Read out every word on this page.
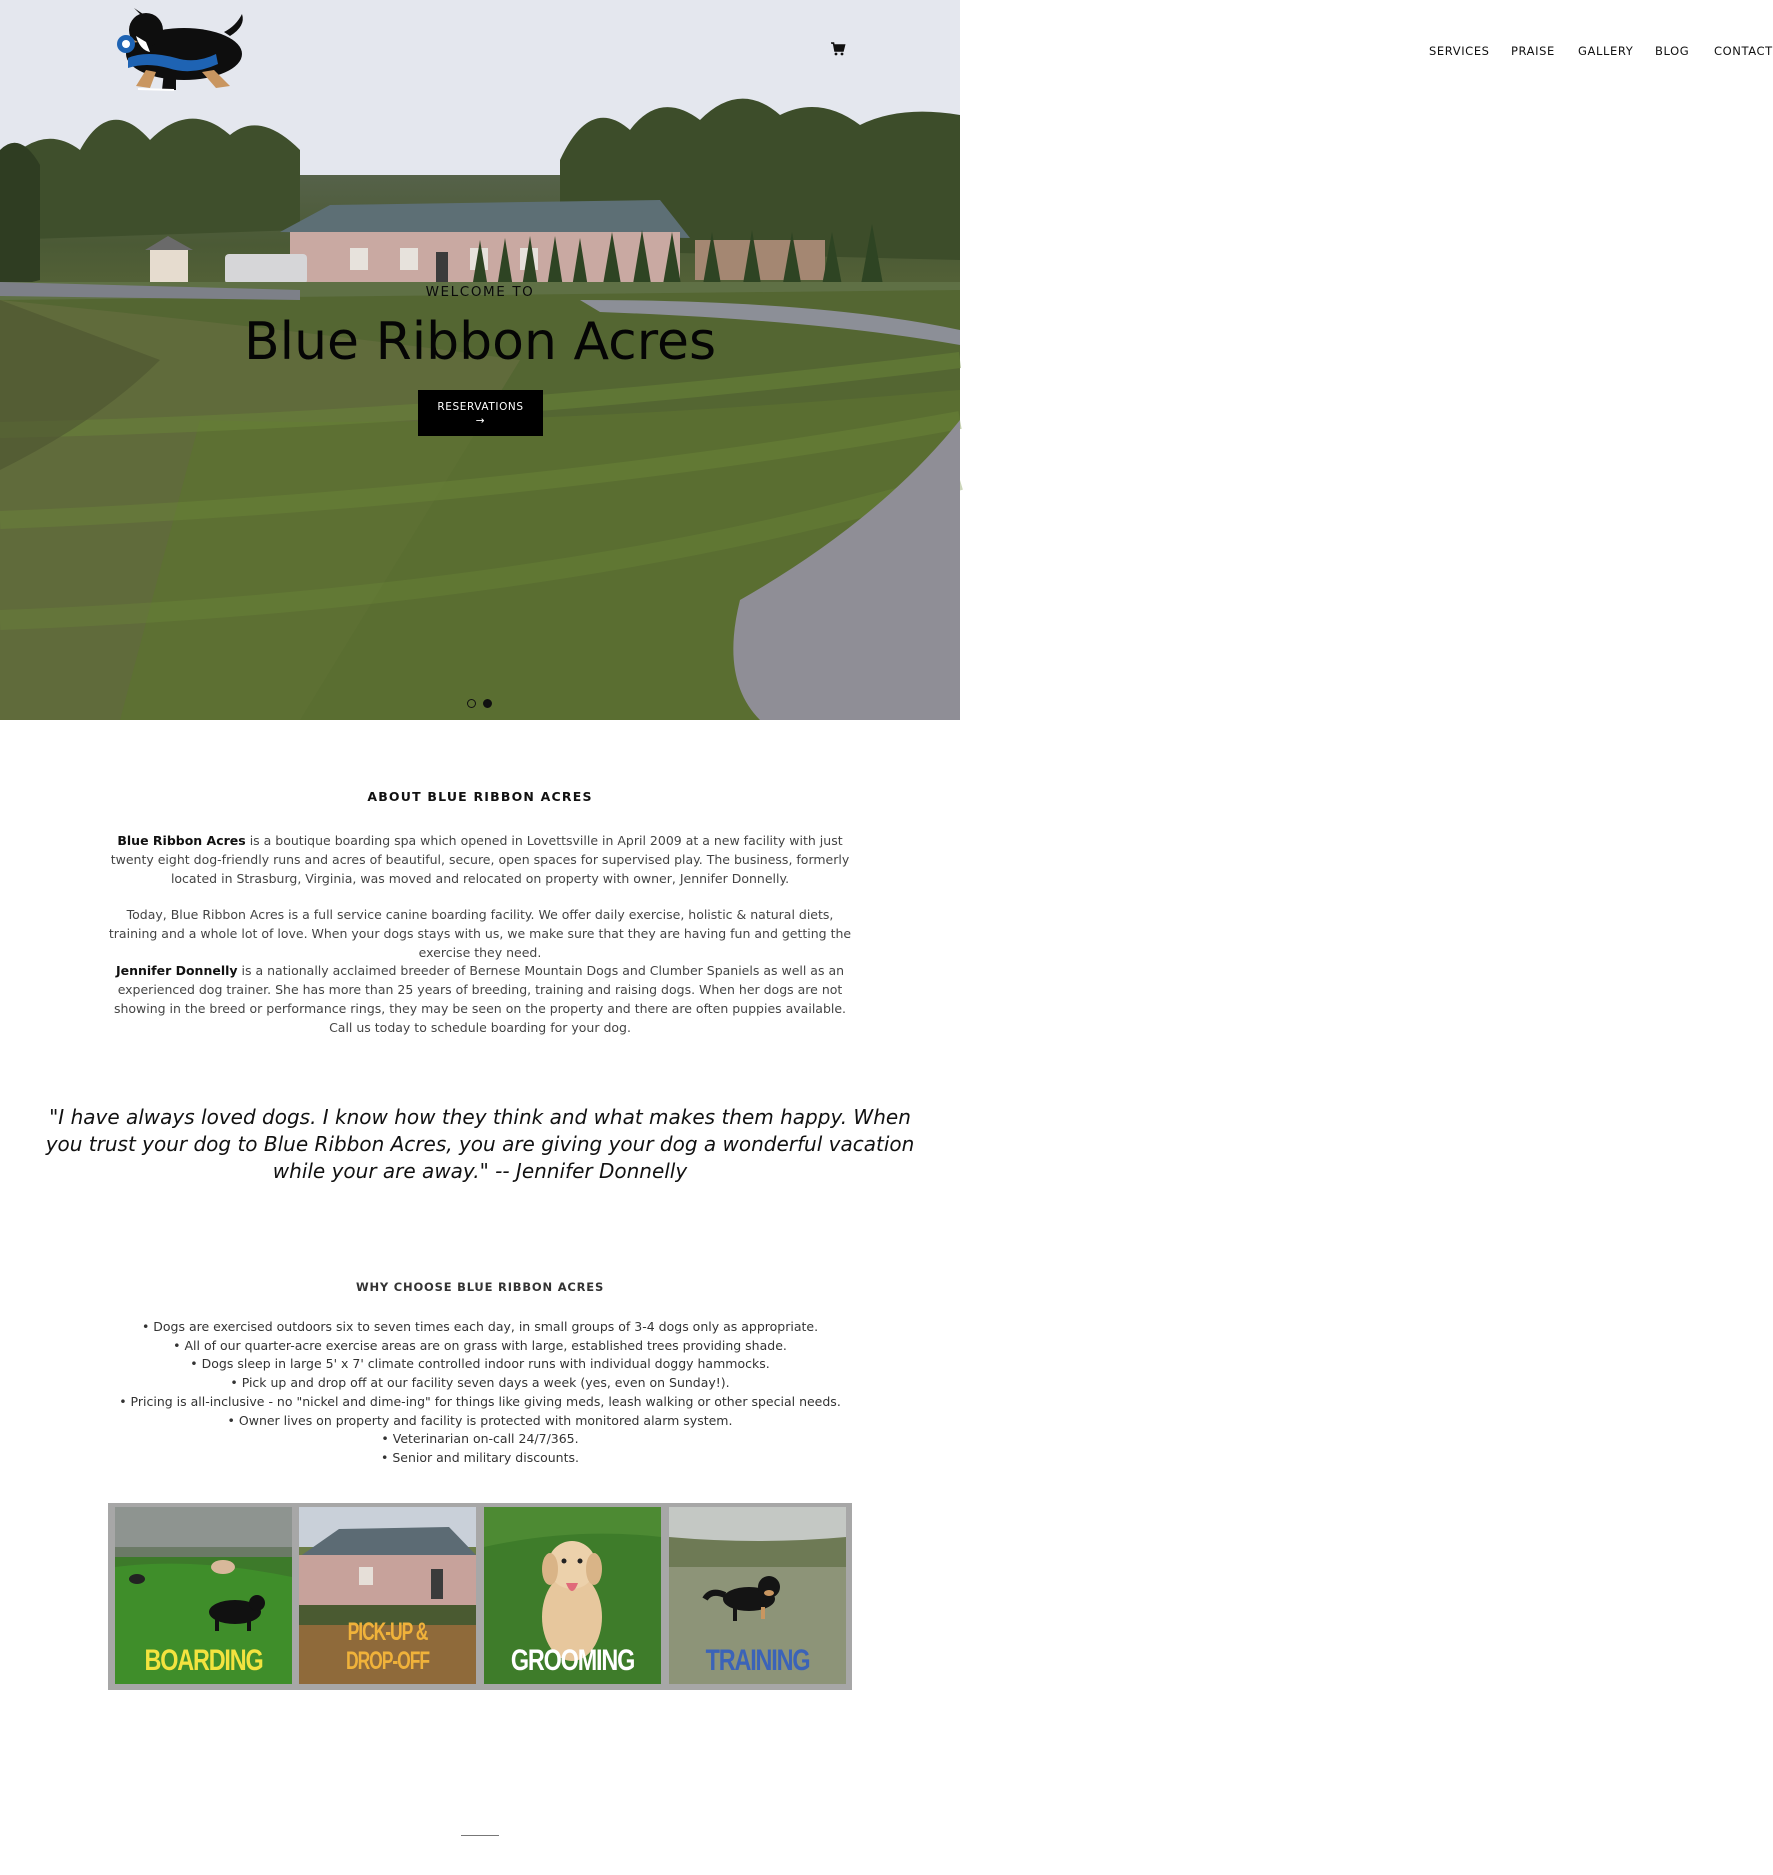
SERVICES PRAISE GALLERY BLOG CONTACT
WELCOME TO
Blue Ribbon Acres
RESERVATIONS
→
ABOUT BLUE RIBBON ACRES

Blue Ribbon Acres is a boutique boarding spa which opened in Lovettsville in April 2009 at a new facility with just twenty eight dog-friendly runs and acres of beautiful, secure, open spaces for supervised play. The business, formerly located in Strasburg, Virginia, was moved and relocated on property with owner, Jennifer Donnelly.

Today, Blue Ribbon Acres is a full service canine boarding facility. We offer daily exercise, holistic & natural diets, training and a whole lot of love. When your dogs stays with us, we make sure that they are having fun and getting the exercise they need.

Jennifer Donnelly is a nationally acclaimed breeder of Bernese Mountain Dogs and Clumber Spaniels as well as an experienced dog trainer. She has more than 25 years of breeding, training and raising dogs. When her dogs are not showing in the breed or performance rings, they may be seen on the property and there are often puppies available. Call us today to schedule boarding for your dog.

"I have always loved dogs. I know how they think and what makes them happy. When you trust your dog to Blue Ribbon Acres, you are giving your dog a wonderful vacation while your are away." -- Jennifer Donnelly
WHY CHOOSE BLUE RIBBON ACRES
• Dogs are exercised outdoors six to seven times each day, in small groups of 3-4 dogs only as appropriate.
• All of our quarter-acre exercise areas are on grass with large, established trees providing shade.
• Dogs sleep in large 5' x 7' climate controlled indoor runs with individual doggy hammocks.
• Pick up and drop off at our facility seven days a week (yes, even on Sunday!).
• Pricing is all-inclusive - no "nickel and dime-ing" for things like giving meds, leash walking or other special needs.
• Owner lives on property and facility is protected with monitored alarm system.
• Veterinarian on-call 24/7/365.
• Senior and military discounts.
BOARDING
PICK-UP & DROP-OFF	GROOMING	TRAINING
